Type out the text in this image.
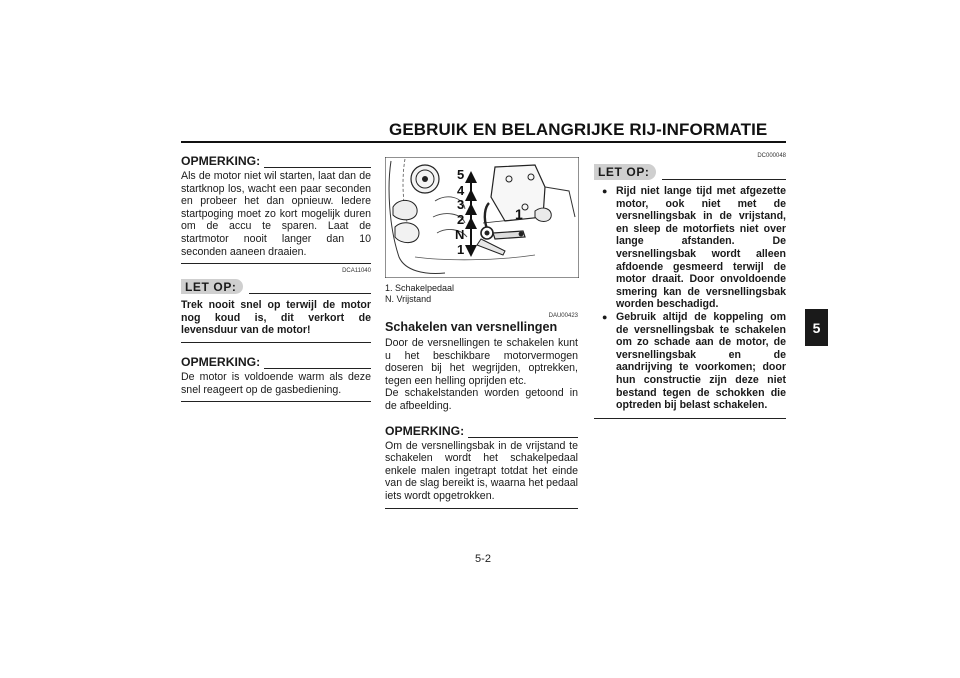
GEBRUIK EN BELANGRIJKE RIJ-INFORMATIE
5
5-2
OPMERKING:

Als de motor niet wil starten, laat dan de startknop los, wacht een paar seconden en probeer het dan opnieuw. Iedere startpoging moet zo kort mogelijk duren om de accu te sparen. Laat de startmotor nooit langer dan 10 seconden aaneen draaien.

DCA11040
LET OP:

Trek nooit snel op terwijl de motor nog koud is, dit verkort de levensduur van de motor!

OPMERKING:

De motor is voldoende warm als deze snel reageert op de gasbediening.

5
4
3
2
N
1
1
1. Schakelpedaal
N. Vrijstand
DAU00423
Schakelen van versnellingen

Door de versnellingen te schakelen kunt u het beschikbare motorvermogen doseren bij het wegrijden, optrekken, tegen een helling oprijden etc.

De schakelstanden worden getoond in de afbeelding.

OPMERKING:

Om de versnellingsbak in de vrijstand te schakelen wordt het schakelpedaal enkele malen ingetrapt totdat het einde van de slag bereikt is, waarna het pedaal iets wordt opgetrokken.

DC000048
LET OP:
● Rijd niet lange tijd met afgezette motor, ook niet met de versnellingsbak in de vrijstand, en sleep de motorfiets niet over lange afstanden. De versnellingsbak wordt alleen afdoende gesmeerd terwijl de motor draait. Door onvoldoende smering kan de versnellingsbak worden beschadigd.
● Gebruik altijd de koppeling om de versnellingsbak te schakelen om zo schade aan de motor, de versnellingsbak en de aandrijving te voorkomen; door hun constructie zijn deze niet bestand tegen de schokken die optreden bij belast schakelen.
